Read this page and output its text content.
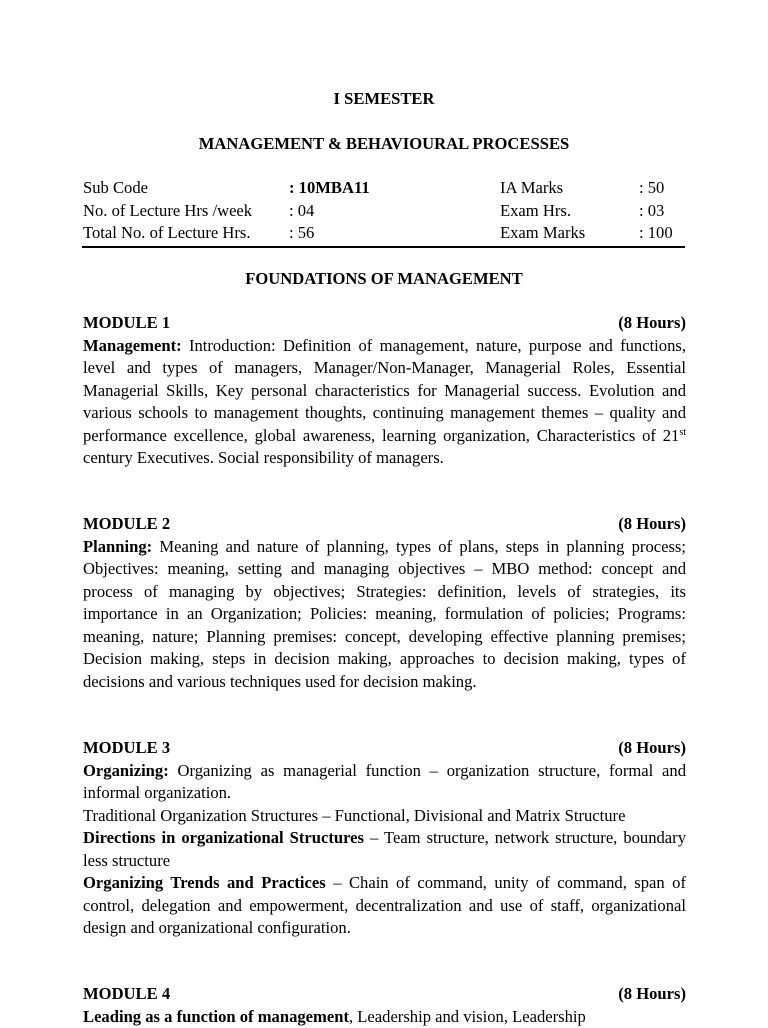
I SEMESTER
MANAGEMENT & BEHAVIOURAL PROCESSES
Sub Code	: 10MBA11	IA Marks	: 50
No. of Lecture Hrs /week : 04	Exam Hrs.	: 03
Total No. of Lecture Hrs. : 56	Exam Marks	: 100
FOUNDATIONS OF MANAGEMENT
MODULE 1	(8 Hours)

Management: Introduction: Definition of management, nature, purpose and functions, level and types of managers, Manager/Non-Manager, Managerial Roles, Essential Managerial Skills, Key personal characteristics for Managerial success. Evolution and various schools to management thoughts, continuing management themes – quality and performance excellence, global awareness, learning organization, Characteristics of 21st century Executives. Social responsibility of managers.

MODULE 2	(8 Hours)

Planning: Meaning and nature of planning, types of plans, steps in planning process; Objectives: meaning, setting and managing objectives – MBO method: concept and process of managing by objectives; Strategies: definition, levels of strategies, its importance in an Organization; Policies: meaning, formulation of policies; Programs: meaning, nature; Planning premises: concept, developing effective planning premises; Decision making, steps in decision making, approaches to decision making, types of decisions and various techniques used for decision making.

MODULE 3	(8 Hours)

Organizing: Organizing as managerial function – organization structure, formal and informal organization.

Traditional Organization Structures – Functional, Divisional and Matrix Structure

Directions in organizational Structures – Team structure, network structure, boundary less structure

Organizing Trends and Practices – Chain of command, unity of command, span of control, delegation and empowerment, decentralization and use of staff, organizational design and organizational configuration.

MODULE 4	(8 Hours)

Leading as a function of management, Leadership and vision, Leadership
